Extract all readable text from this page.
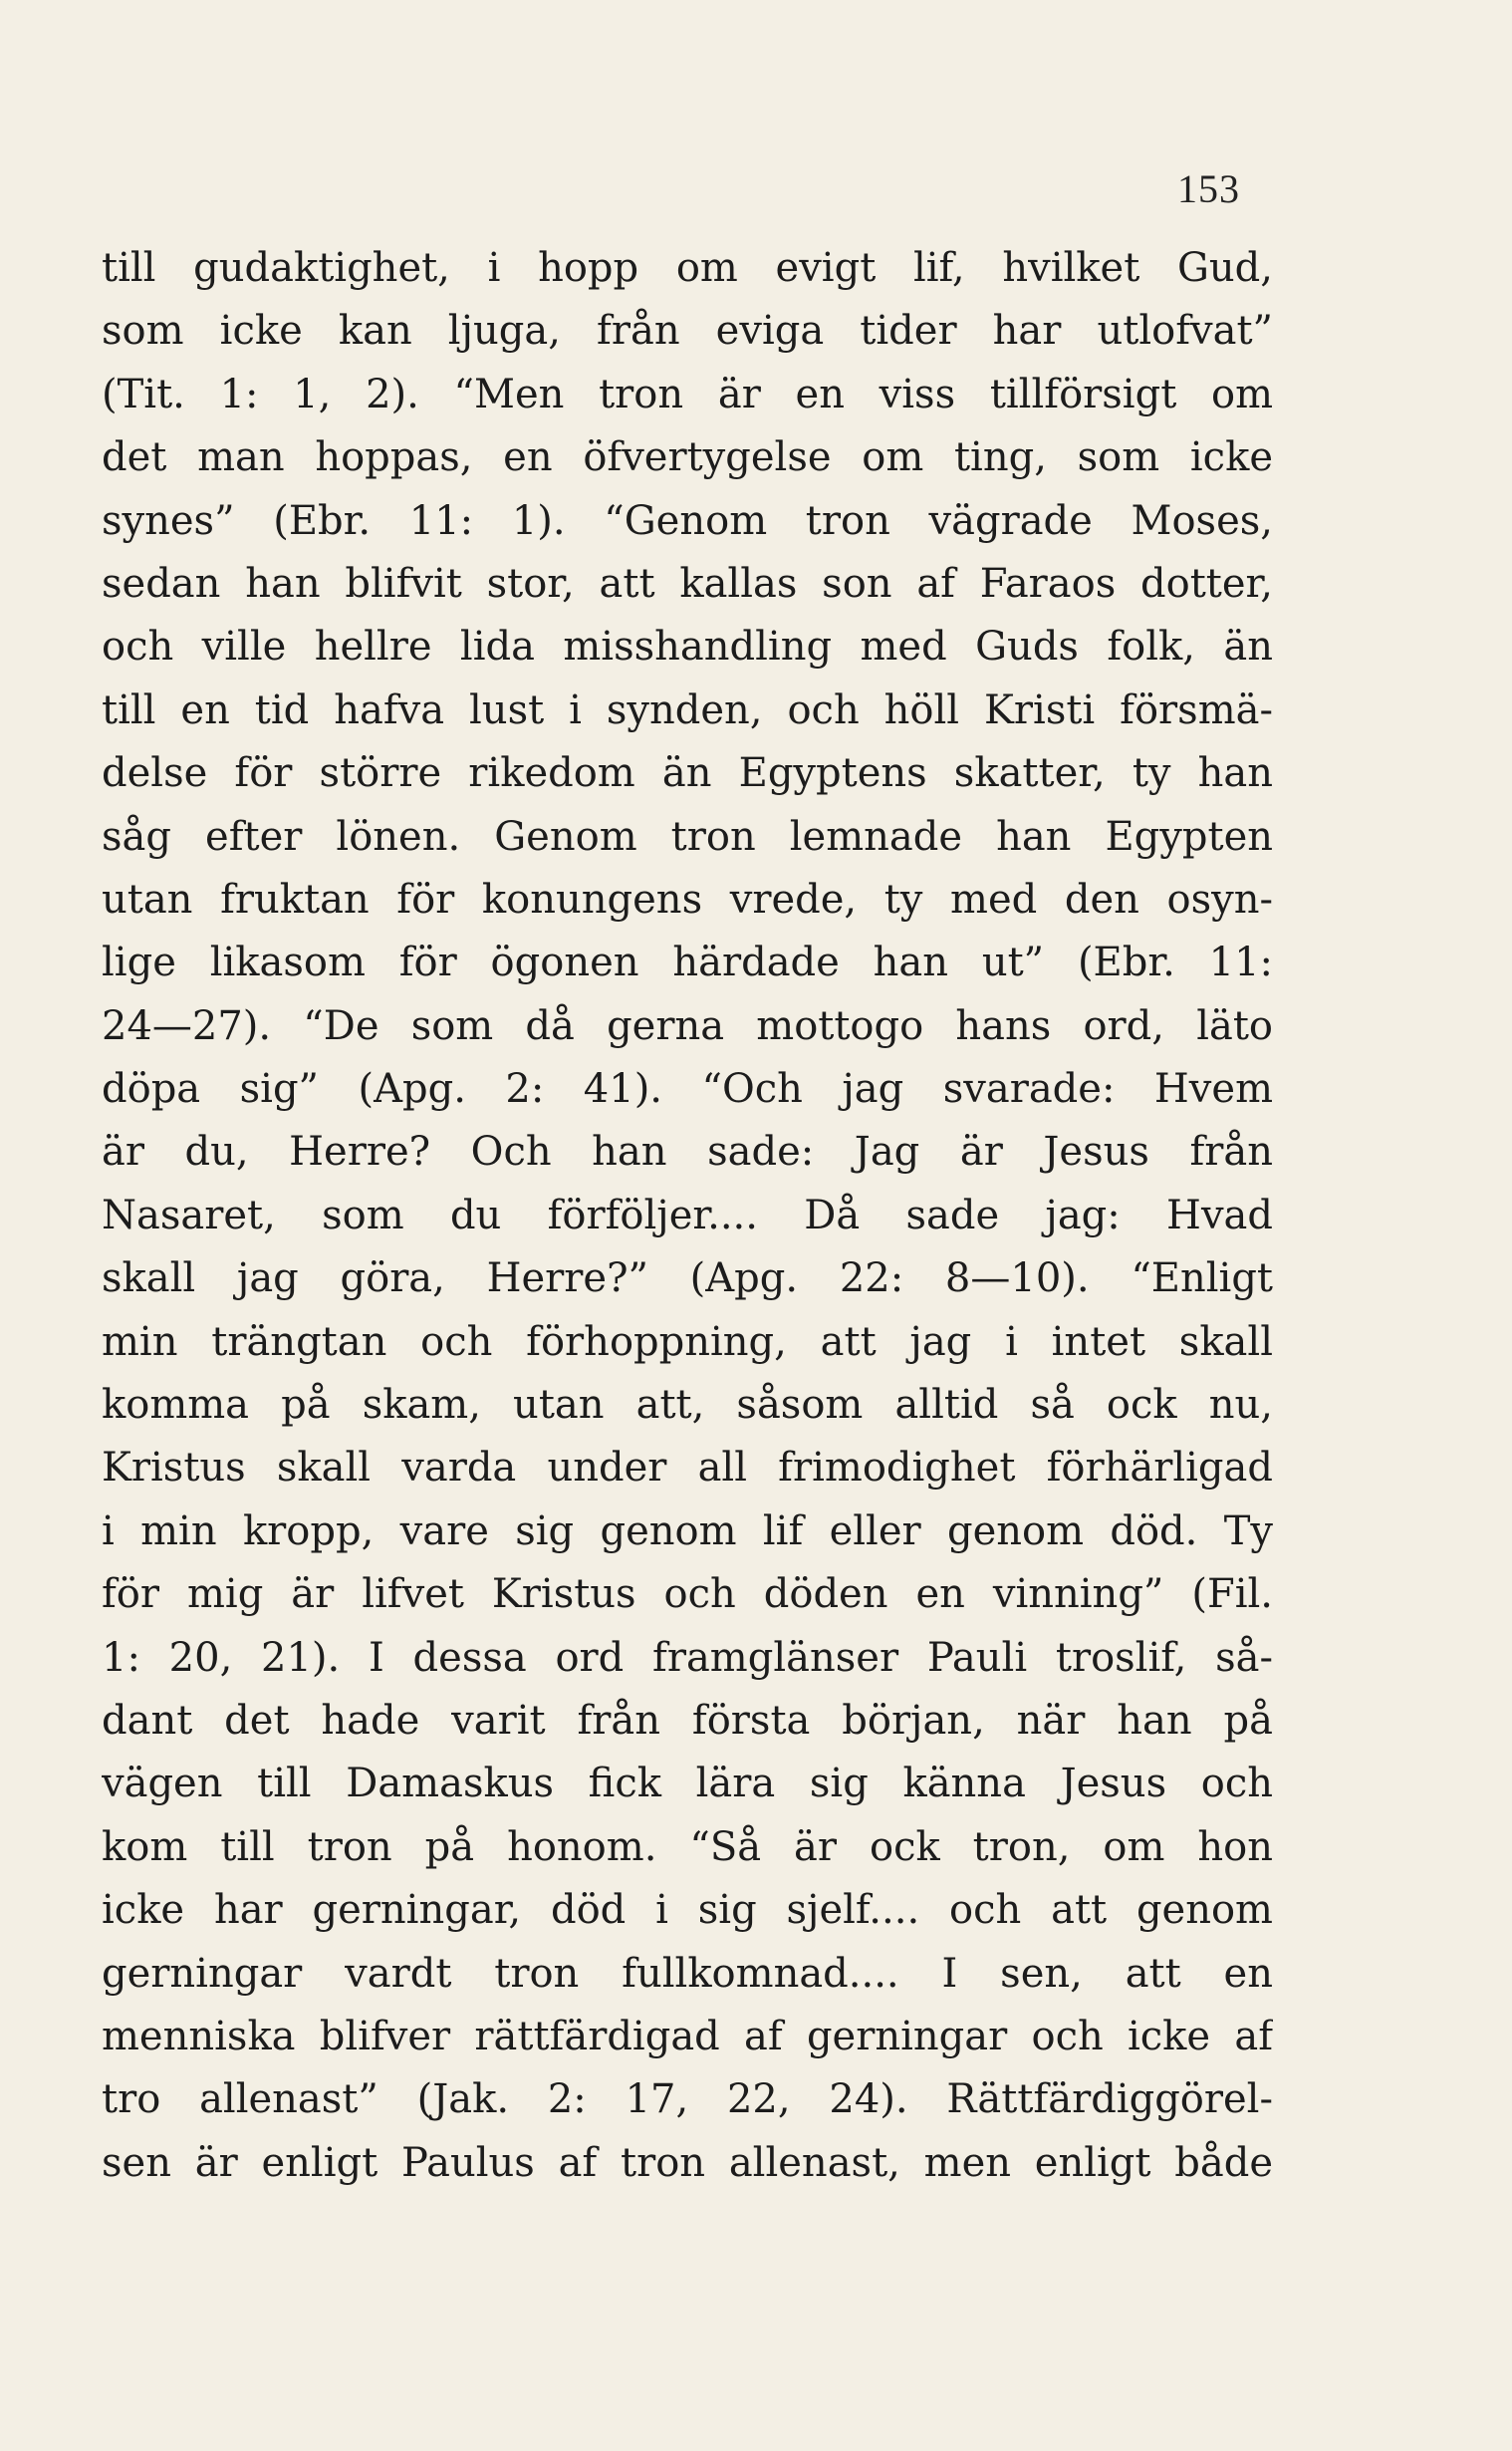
153
till gudaktighet, i hopp om evigt lif, hvilket Gud,
som icke kan ljuga, från eviga tider har utlofvat”
(Tit. 1: 1, 2). “Men tron är en viss tillförsigt om
det man hoppas, en öfvertygelse om ting, som icke
synes” (Ebr. 11: 1). “Genom tron vägrade Moses,
sedan han blifvit stor, att kallas son af Faraos dotter,
och ville hellre lida misshandling med Guds folk, än
till en tid hafva lust i synden, och höll Kristi försmä-
delse för större rikedom än Egyptens skatter, ty han
såg efter lönen. Genom tron lemnade han Egypten
utan fruktan för konungens vrede, ty med den osyn-
lige likasom för ögonen härdade han ut” (Ebr. 11:
24—27). “De som då gerna mottogo hans ord, läto
döpa sig” (Apg. 2: 41). “Och jag svarade: Hvem
är du, Herre? Och han sade: Jag är Jesus från
Nasaret, som du förföljer.... Då sade jag: Hvad
skall jag göra, Herre?” (Apg. 22: 8—10). “Enligt
min trängtan och förhoppning, att jag i intet skall
komma på skam, utan att, såsom alltid så ock nu,
Kristus skall varda under all frimodighet förhärligad
i min kropp, vare sig genom lif eller genom död. Ty
för mig är lifvet Kristus och döden en vinning” (Fil.
1: 20, 21). I dessa ord framglänser Pauli troslif, så-
dant det hade varit från första början, när han på
vägen till Damaskus fick lära sig känna Jesus och
kom till tron på honom. “Så är ock tron, om hon
icke har gerningar, död i sig sjelf.... och att genom
gerningar vardt tron fullkomnad.... I sen, att en
menniska blifver rättfärdigad af gerningar och icke af
tro allenast” (Jak. 2: 17, 22, 24). Rättfärdiggörel-
sen är enligt Paulus af tron allenast, men enligt både
